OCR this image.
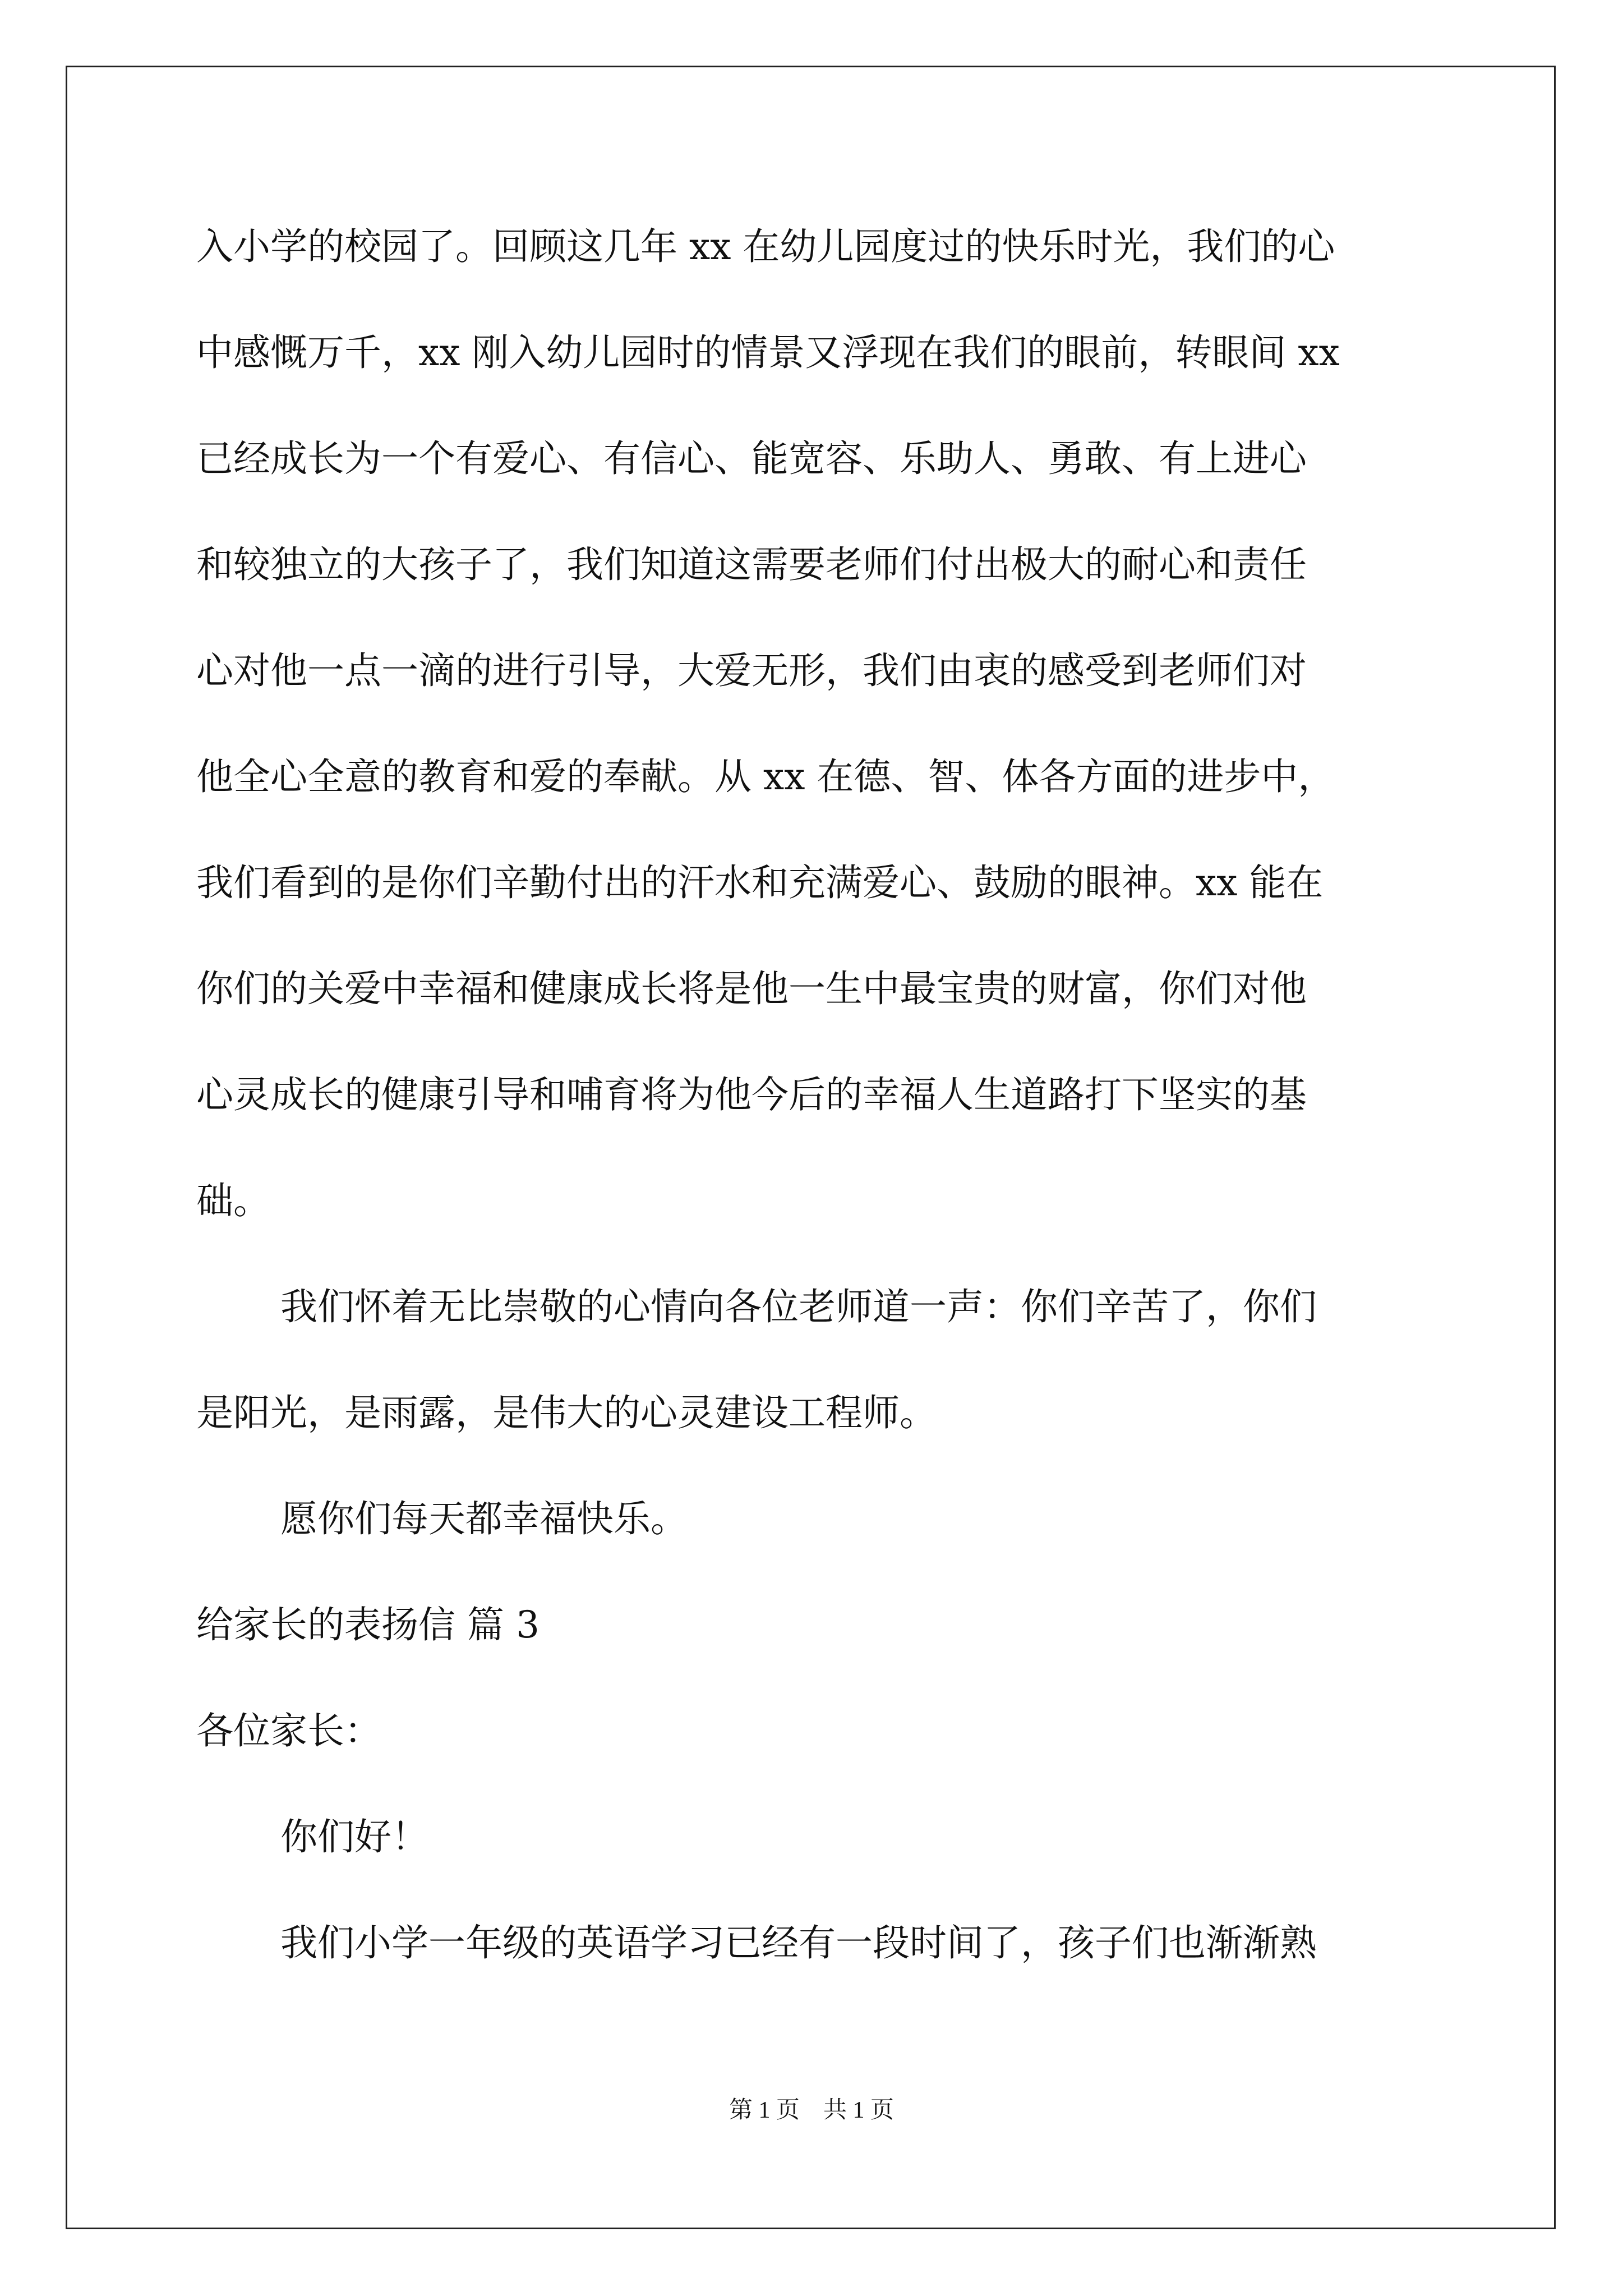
入小学的校园了。回顾这几年 xx 在幼儿园度过的快乐时光，我们的心
中感慨万千，xx 刚入幼儿园时的情景又浮现在我们的眼前，转眼间 xx
已经成长为一个有爱心、有信心、能宽容、乐助人、勇敢、有上进心
和较独立的大孩子了，我们知道这需要老师们付出极大的耐心和责任
心对他一点一滴的进行引导，大爱无形，我们由衷的感受到老师们对
他全心全意的教育和爱的奉献。从 xx 在德、智、体各方面的进步中，
我们看到的是你们辛勤付出的汗水和充满爱心、鼓励的眼神。xx 能在
你们的关爱中幸福和健康成长将是他一生中最宝贵的财富，你们对他
心灵成长的健康引导和哺育将为他今后的幸福人生道路打下坚实的基
础。
我们怀着无比崇敬的心情向各位老师道一声：你们辛苦了，你们
是阳光，是雨露，是伟大的心灵建设工程师。
愿你们每天都幸福快乐。
给家长的表扬信 篇 3
各位家长：
你们好！
我们小学一年级的英语学习已经有一段时间了，孩子们也渐渐熟
第 1 页　共 1 页
